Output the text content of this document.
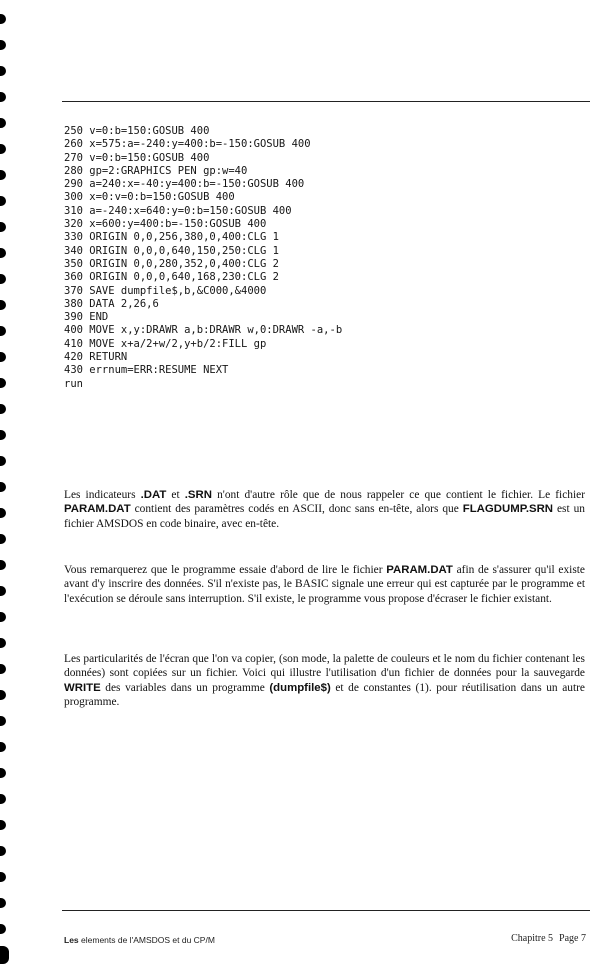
250 v=0:b=150:GOSUB 400
260 x=575:a=-240:y=400:b=-150:GOSUB 400
270 v=0:b=150:GOSUB 400
280 gp=2:GRAPHICS PEN gp:w=40
290 a=240:x=-40:y=400:b=-150:GOSUB 400
300 x=0:v=0:b=150:GOSUB 400
310 a=-240:x=640:y=0:b=150:GOSUB 400
320 x=600:y=400:b=-150:GOSUB 400
330 ORIGIN 0,0,256,380,0,400:CLG 1
340 ORIGIN 0,0,0,640,150,250:CLG 1
350 ORIGIN 0,0,280,352,0,400:CLG 2
360 ORIGIN 0,0,0,640,168,230:CLG 2
370 SAVE dumpfile$,b,&C000,&4000
380 DATA 2,26,6
390 END
400 MOVE x,y:DRAWR a,b:DRAWR w,0:DRAWR -a,-b
410 MOVE x+a/2+w/2,y+b/2:FILL gp
420 RETURN
430 errnum=ERR:RESUME NEXT
run

Les indicateurs .DAT et .SRN n'ont d'autre rôle que de nous rappeler ce que contient le fichier. Le fichier PARAM.DAT contient des paramètres codés en ASCII, donc sans en-tête, alors que FLAGDUMP.SRN est un fichier AMSDOS en code binaire, avec en-tête.

Vous remarquerez que le programme essaie d'abord de lire le fichier PARAM.DAT afin de s'assurer qu'il existe avant d'y inscrire des données. S'il n'existe pas, le BASIC signale une erreur qui est capturée par le programme et l'exécution se déroule sans interruption. S'il existe, le programme vous propose d'écraser le fichier existant.

Les particularités de l'écran que l'on va copier, (son mode, la palette de couleurs et le nom du fichier contenant les données) sont copiées sur un fichier. Voici qui illustre l'utilisation d'un fichier de données pour la sauvegarde WRITE des variables dans un programme (dumpfile$) et de constantes (1). pour réutilisation dans un autre programme.

Les elements de l'AMSDOS et du CP/M	Chapitre 5 Page 7
